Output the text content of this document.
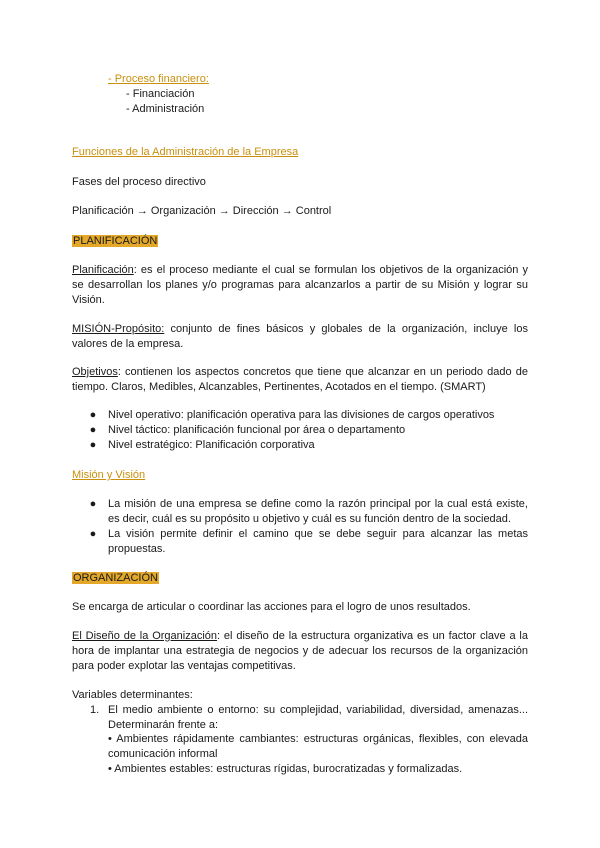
- Proceso financiero:
- Financiación
- Administración
Funciones de la Administración de la Empresa
Fases del proceso directivo
Planificación → Organización → Dirección → Control
PLANIFICACIÓN

Planificación: es el proceso mediante el cual se formulan los objetivos de la organización y se desarrollan los planes y/o programas para alcanzarlos a partir de su Misión y lograr su Visión.

MISIÓN-Propósito: conjunto de fines básicos y globales de la organización, incluye los valores de la empresa.

Objetivos: contienen los aspectos concretos que tiene que alcanzar en un periodo dado de tiempo. Claros, Medibles, Alcanzables, Pertinentes, Acotados en el tiempo. (SMART)

● Nivel operativo: planificación operativa para las divisiones de cargos operativos
● Nivel táctico: planificación funcional por área o departamento
● Nivel estratégico: Planificación corporativa
Misión y Visión
● La misión de una empresa se define como la razón principal por la cual está existe, es decir, cuál es su propósito u objetivo y cuál es su función dentro de la sociedad.
● La visión permite definir el camino que se debe seguir para alcanzar las metas propuestas.
ORGANIZACIÓN
Se encarga de articular o coordinar las acciones para el logro de unos resultados.

El Diseño de la Organización: el diseño de la estructura organizativa es un factor clave a la hora de implantar una estrategia de negocios y de adecuar los recursos de la organización para poder explotar las ventajas competitivas.

Variables determinantes:
1. El medio ambiente o entorno: su complejidad, variabilidad, diversidad, amenazas... Determinarán frente a:

• Ambientes rápidamente cambiantes: estructuras orgánicas, flexibles, con elevada comunicación informal

• Ambientes estables: estructuras rígidas, burocratizadas y formalizadas.
